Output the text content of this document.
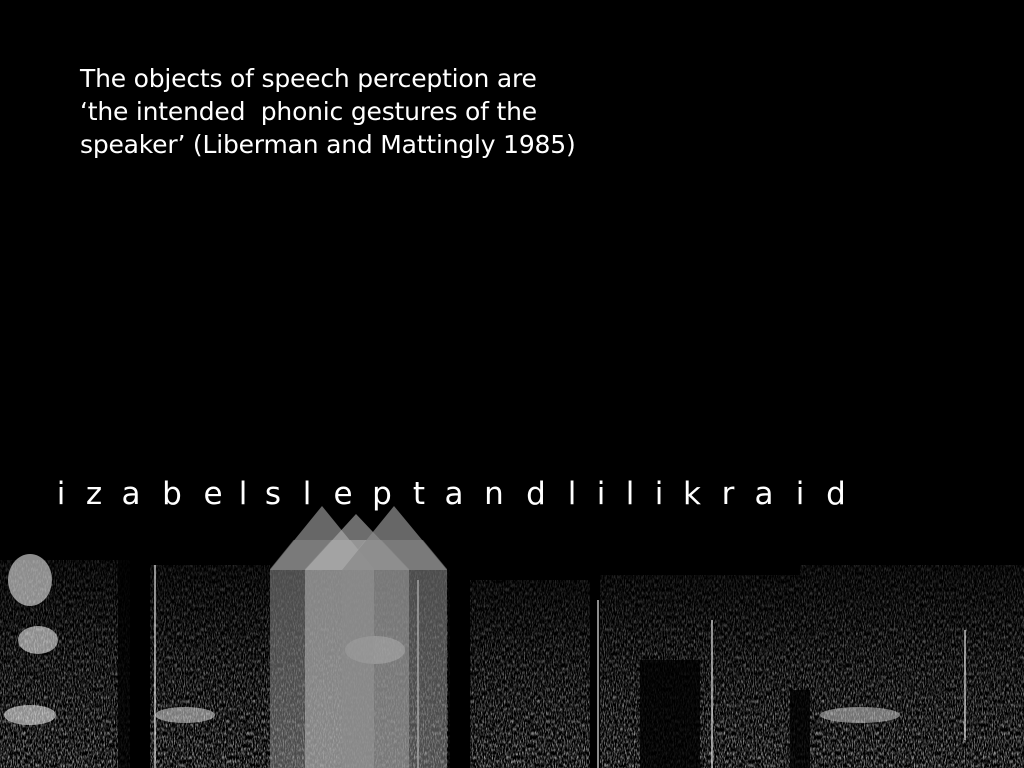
The objects of speech perception are
‘the intended  phonic gestures of the
speaker’ (Liberman and Mattingly 1985)

i z a b e l s l e p t a n d l i l i k r a i d
